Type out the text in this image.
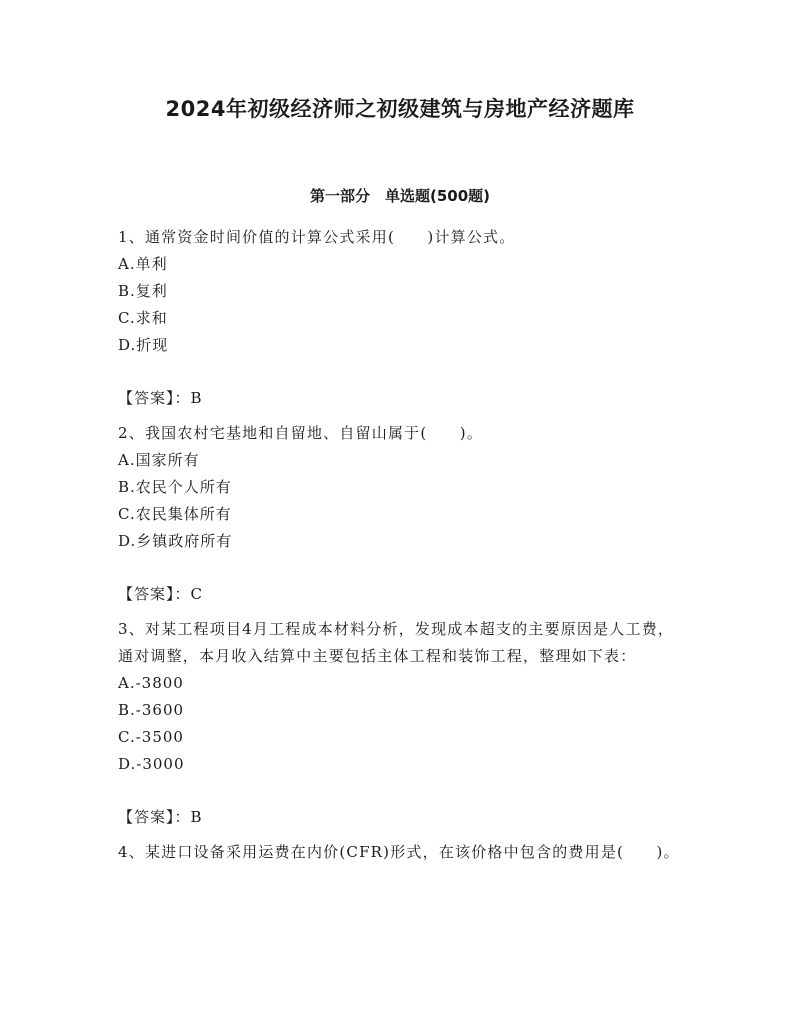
2024年初级经济师之初级建筑与房地产经济题库
第一部分　单选题(500题)

1、通常资金时间价值的计算公式采用(　　)计算公式。

A.单利

B.复利

C.求和

D.折现

【答案】：B

2、我国农村宅基地和自留地、自留山属于(　　)。

A.国家所有

B.农民个人所有

C.农民集体所有

D.乡镇政府所有

【答案】：C

3、对某工程项目4月工程成本材料分析，发现成本超支的主要原因是人工费，通对调整，本月收入结算中主要包括主体工程和装饰工程，整理如下表：

A.-3800

B.-3600

C.-3500

D.-3000

【答案】：B

4、某进口设备采用运费在内价(CFR)形式，在该价格中包含的费用是(　　)。
